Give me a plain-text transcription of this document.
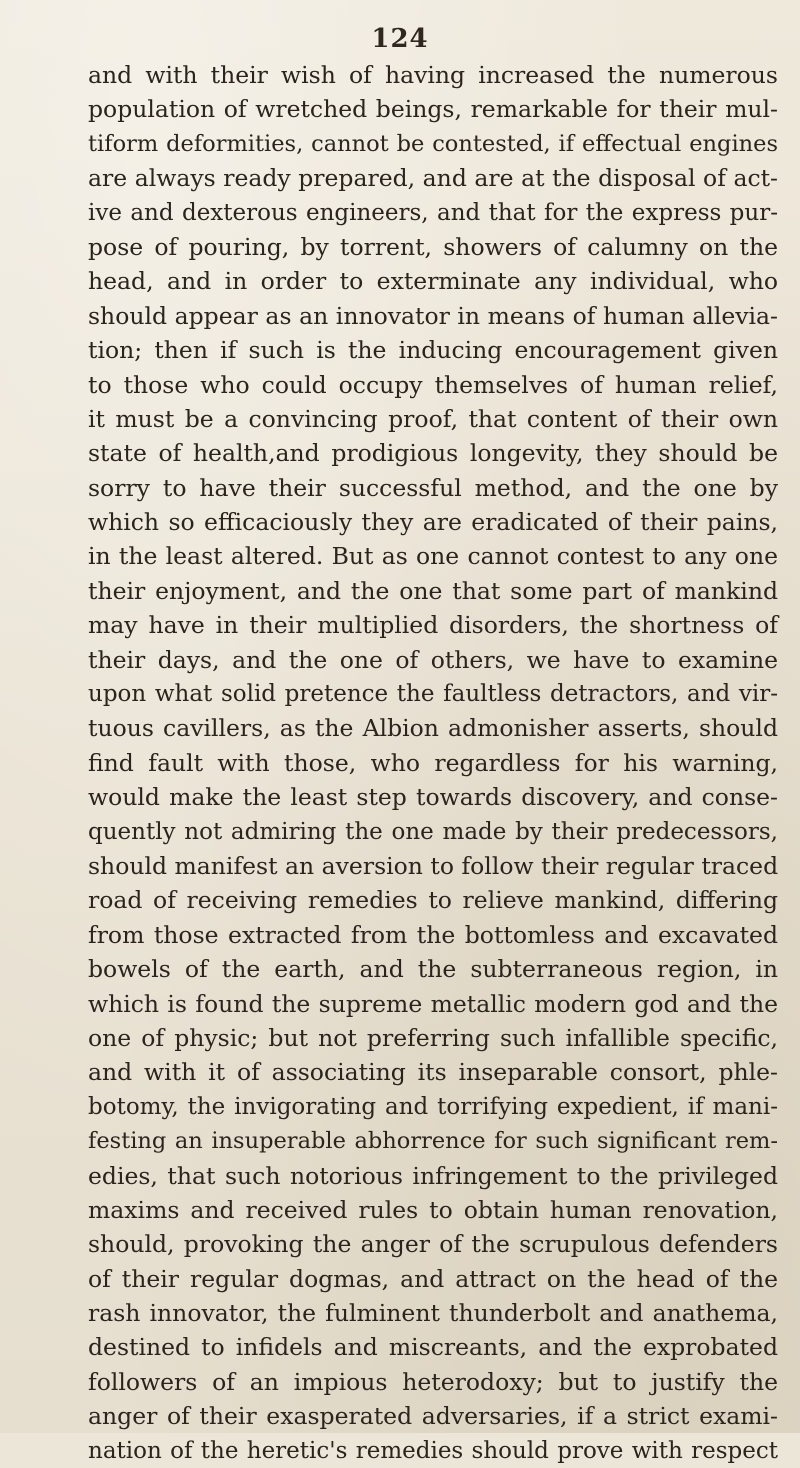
124
and with their wish of having increased the numerous
population of wretched beings, remarkable for their mul-
tiform deformities, cannot be contested, if effectual engines
are always ready prepared, and are at the disposal of act-
ive and dexterous engineers, and that for the express pur-
pose of pouring, by torrent, showers of calumny on the
head, and in order to exterminate any individual, who
should appear as an innovator in means of human allevia-
tion; then if such is the inducing encouragement given
to those who could occupy themselves of human relief,
it must be a convincing proof, that content of their own
state of health,and prodigious longevity, they should be
sorry to have their successful method, and the one by
which so efficaciously they are eradicated of their pains,
in the least altered. But as one cannot contest to any one
their enjoyment, and the one that some part of mankind
may have in their multiplied disorders, the shortness of
their days, and the one of others, we have to examine
upon what solid pretence the faultless detractors, and vir-
tuous cavillers, as the Albion admonisher asserts, should
find fault with those, who regardless for his warning,
would make the least step towards discovery, and conse-
quently not admiring the one made by their predecessors,
should manifest an aversion to follow their regular traced
road of receiving remedies to relieve mankind, differing
from those extracted from the bottomless and excavated
bowels of the earth, and the subterraneous region, in
which is found the supreme metallic modern god and the
one of physic; but not preferring such infallible specific,
and with it of associating its inseparable consort, phle-
botomy, the invigorating and torrifying expedient, if mani-
festing an insuperable abhorrence for such significant rem-
edies, that such notorious infringement to the privileged
maxims and received rules to obtain human renovation,
should, provoking the anger of the scrupulous defenders
of their regular dogmas, and attract on the head of the
rash innovator, the fulminent thunderbolt and anathema,
destined to infidels and miscreants, and the exprobated
followers of an impious heterodoxy; but to justify the
anger of their exasperated adversaries, if a strict exami-
nation of the heretic's remedies should prove with respect
